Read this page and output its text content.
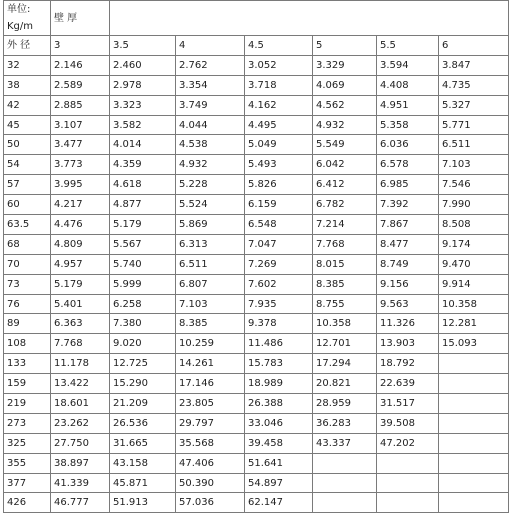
单位:
Kg/m	壁 厚						
外 径	3	3.5	4	4.5	5	5.5	6
32	2.146	2.460	2.762	3.052	3.329	3.594	3.847
38	2.589	2.978	3.354	3.718	4.069	4.408	4.735
42	2.885	3.323	3.749	4.162	4.562	4.951	5.327
45	3.107	3.582	4.044	4.495	4.932	5.358	5.771
50	3.477	4.014	4.538	5.049	5.549	6.036	6.511
54	3.773	4.359	4.932	5.493	6.042	6.578	7.103
57	3.995	4.618	5.228	5.826	6.412	6.985	7.546
60	4.217	4.877	5.524	6.159	6.782	7.392	7.990
63.5	4.476	5.179	5.869	6.548	7.214	7.867	8.508
68	4.809	5.567	6.313	7.047	7.768	8.477	9.174
70	4.957	5.740	6.511	7.269	8.015	8.749	9.470
73	5.179	5.999	6.807	7.602	8.385	9.156	9.914
76	5.401	6.258	7.103	7.935	8.755	9.563	10.358
89	6.363	7.380	8.385	9.378	10.358	11.326	12.281
108	7.768	9.020	10.259	11.486	12.701	13.903	15.093
133	11.178	12.725	14.261	15.783	17.294	18.792	
159	13.422	15.290	17.146	18.989	20.821	22.639	
219	18.601	21.209	23.805	26.388	28.959	31.517	
273	23.262	26.536	29.797	33.046	36.283	39.508	
325	27.750	31.665	35.568	39.458	43.337	47.202	
355	38.897	43.158	47.406	51.641			
377	41.339	45.871	50.390	54.897			
426	46.777	51.913	57.036	62.147			
